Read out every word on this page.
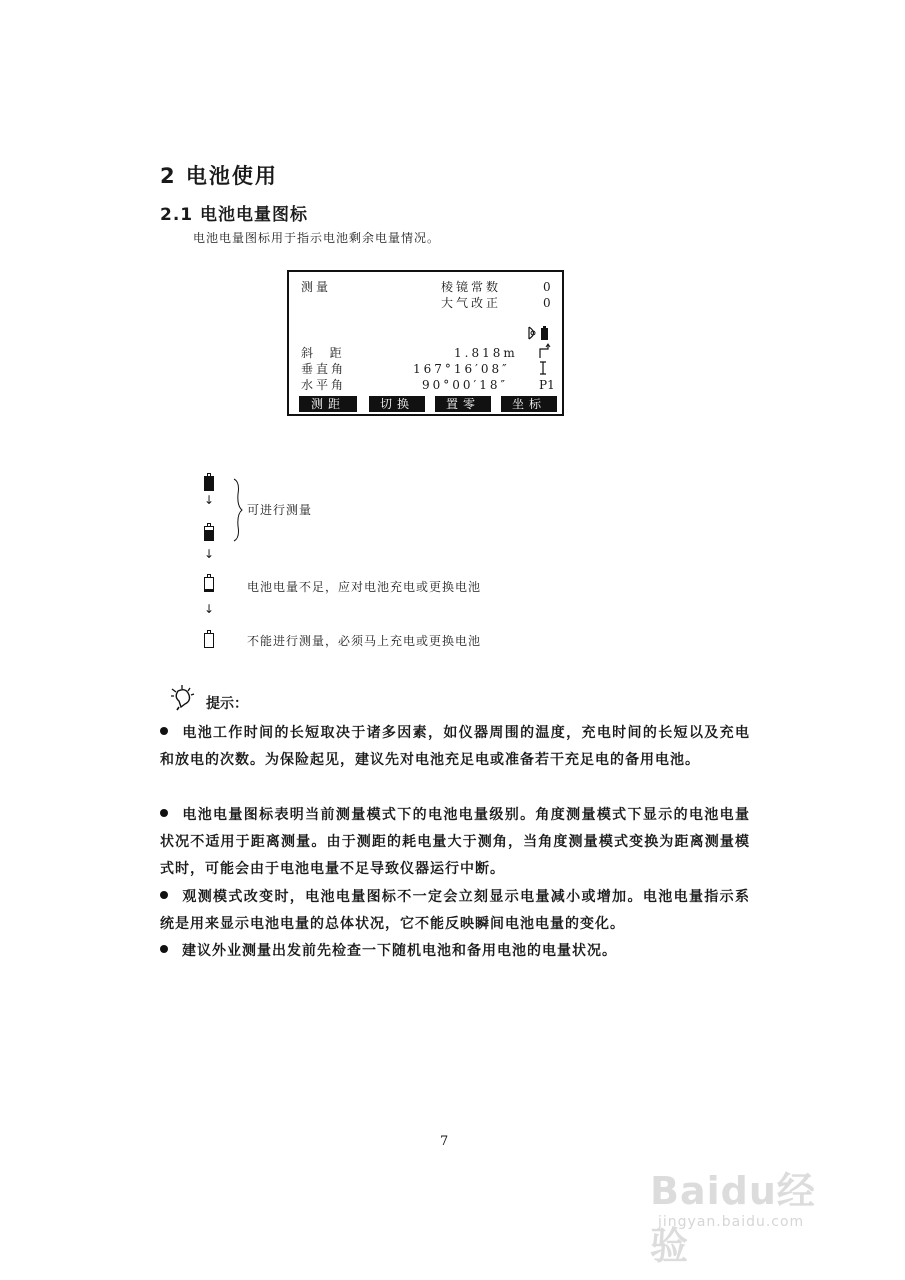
2 电池使用
2.1 电池电量图标
电池电量图标用于指示电池剩余电量情况。
测量	棱镜常数	0
大气改正	0
斜  距	1.818m
垂直角	167°16′08″
水平角	90°00′18″	P1
测距	切换	置零	坐标
↓
↓
↓
可进行测量
电池电量不足，应对电池充电或更换电池
不能进行测量，必须马上充电或更换电池
提示：
电池工作时间的长短取决于诸多因素，如仪器周围的温度，充电时间的长短以及充电和放电的次数。为保险起见，建议先对电池充足电或准备若干充足电的备用电池。
电池电量图标表明当前测量模式下的电池电量级别。角度测量模式下显示的电池电量状况不适用于距离测量。由于测距的耗电量大于测角，当角度测量模式变换为距离测量模式时，可能会由于电池电量不足导致仪器运行中断。
观测模式改变时，电池电量图标不一定会立刻显示电量减小或增加。电池电量指示系统是用来显示电池电量的总体状况，它不能反映瞬间电池电量的变化。
建议外业测量出发前先检查一下随机电池和备用电池的电量状况。
7
Baidu经验
jingyan.baidu.com
